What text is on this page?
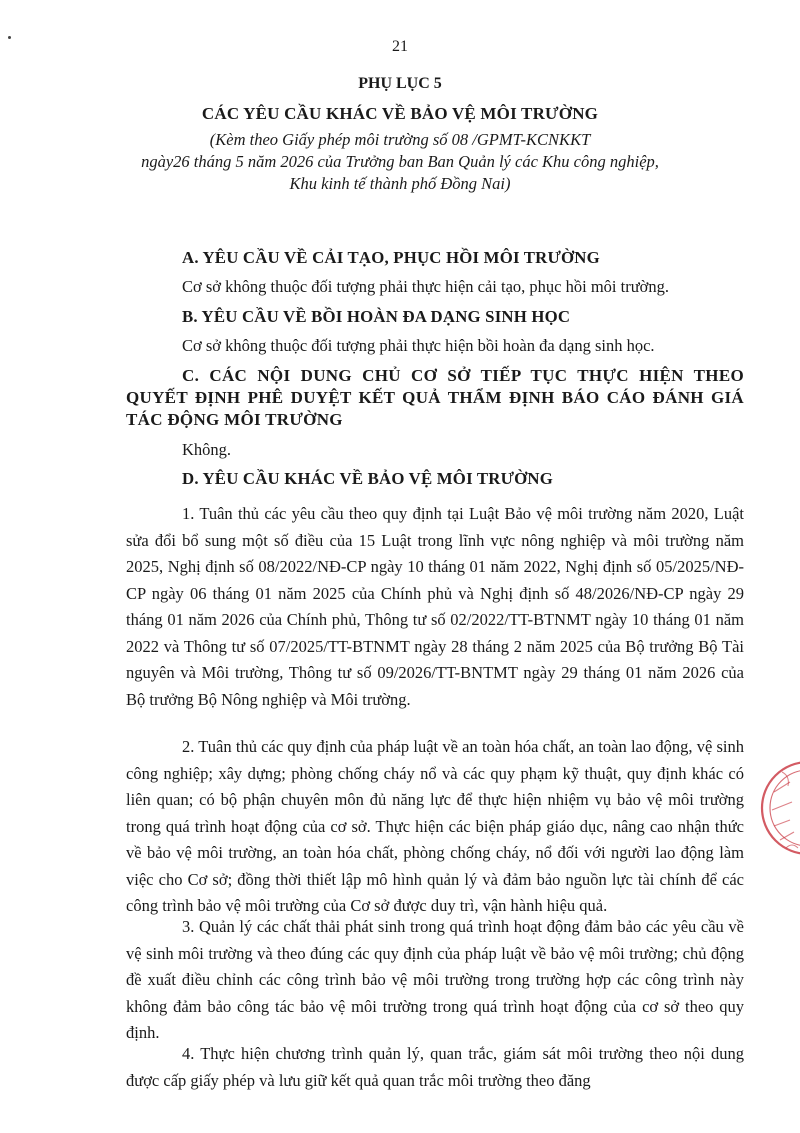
21
PHỤ LỤC 5
CÁC YÊU CẦU KHÁC VỀ BẢO VỆ MÔI TRƯỜNG
(Kèm theo Giấy phép môi trường số 08 /GPMT-KCNKKT
ngày26 tháng 5 năm 2026 của Trưởng ban Ban Quản lý các Khu công nghiệp,
Khu kinh tế thành phố Đồng Nai)
A. YÊU CẦU VỀ CẢI TẠO, PHỤC HỒI MÔI TRƯỜNG
Cơ sở không thuộc đối tượng phải thực hiện cải tạo, phục hồi môi trường.
B. YÊU CẦU VỀ BỒI HOÀN ĐA DẠNG SINH HỌC
Cơ sở không thuộc đối tượng phải thực hiện bồi hoàn đa dạng sinh học.
C. CÁC NỘI DUNG CHỦ CƠ SỞ TIẾP TỤC THỰC HIỆN THEO QUYẾT ĐỊNH PHÊ DUYỆT KẾT QUẢ THẨM ĐỊNH BÁO CÁO ĐÁNH GIÁ TÁC ĐỘNG MÔI TRƯỜNG
Không.
D. YÊU CẦU KHÁC VỀ BẢO VỆ MÔI TRƯỜNG
1. Tuân thủ các yêu cầu theo quy định tại Luật Bảo vệ môi trường năm 2020, Luật sửa đổi bổ sung một số điều của 15 Luật trong lĩnh vực nông nghiệp và môi trường năm 2025, Nghị định số 08/2022/NĐ-CP ngày 10 tháng 01 năm 2022, Nghị định số 05/2025/NĐ-CP ngày 06 tháng 01 năm 2025 của Chính phủ và Nghị định số 48/2026/NĐ-CP ngày 29 tháng 01 năm 2026 của Chính phủ, Thông tư số 02/2022/TT-BTNMT ngày 10 tháng 01 năm 2022 và Thông tư số 07/2025/TT-BTNMT ngày 28 tháng 2 năm 2025 của Bộ trưởng Bộ Tài nguyên và Môi trường, Thông tư số 09/2026/TT-BNTMT ngày 29 tháng 01 năm 2026 của Bộ trưởng Bộ Nông nghiệp và Môi trường.
2. Tuân thủ các quy định của pháp luật về an toàn hóa chất, an toàn lao động, vệ sinh công nghiệp; xây dựng; phòng chống cháy nổ và các quy phạm kỹ thuật, quy định khác có liên quan; có bộ phận chuyên môn đủ năng lực để thực hiện nhiệm vụ bảo vệ môi trường trong quá trình hoạt động của cơ sở. Thực hiện các biện pháp giáo dục, nâng cao nhận thức về bảo vệ môi trường, an toàn hóa chất, phòng chống cháy, nổ đối với người lao động làm việc cho Cơ sở; đồng thời thiết lập mô hình quản lý và đảm bảo nguồn lực tài chính để các công trình bảo vệ môi trường của Cơ sở được duy trì, vận hành hiệu quả.
3. Quản lý các chất thải phát sinh trong quá trình hoạt động đảm bảo các yêu cầu về vệ sinh môi trường và theo đúng các quy định của pháp luật về bảo vệ môi trường; chủ động đề xuất điều chỉnh các công trình bảo vệ môi trường trong trường hợp các công trình này không đảm bảo công tác bảo vệ môi trường trong quá trình hoạt động của cơ sở theo quy định.
4. Thực hiện chương trình quản lý, quan trắc, giám sát môi trường theo nội dung được cấp giấy phép và lưu giữ kết quả quan trắc môi trường theo đăng
